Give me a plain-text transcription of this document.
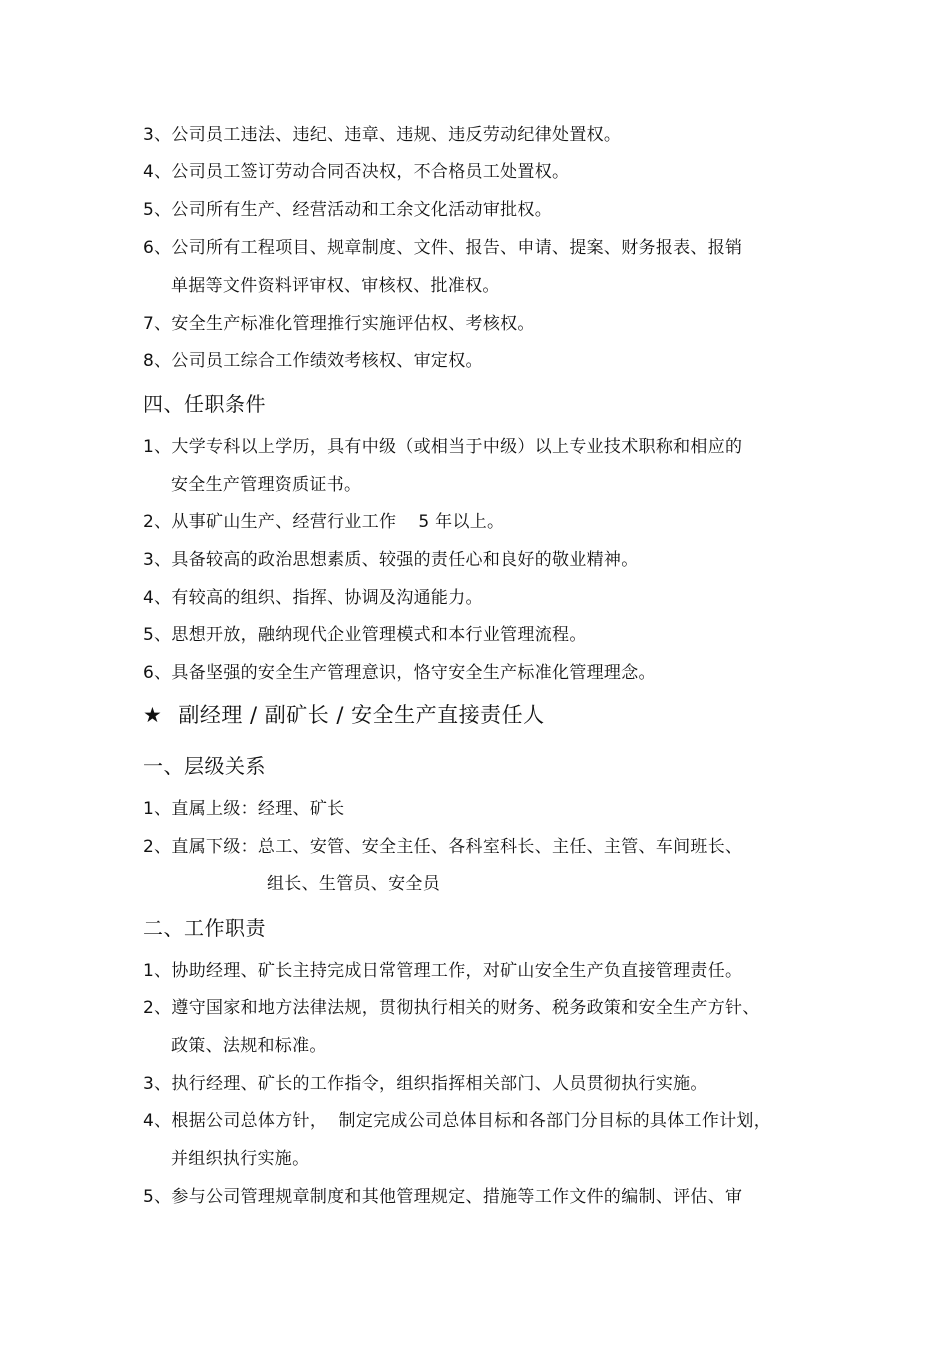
3、公司员工违法、违纪、违章、违规、违反劳动纪律处置权。
4、公司员工签订劳动合同否决权，不合格员工处置权。
5、公司所有生产、经营活动和工余文化活动审批权。
6、公司所有工程项目、规章制度、文件、报告、申请、提案、财务报表、报销
单据等文件资料评审权、审核权、批准权。
7、安全生产标准化管理推行实施评估权、考核权。
8、公司员工综合工作绩效考核权、审定权。
四、任职条件
1、大学专科以上学历，具有中级（或相当于中级）以上专业技术职称和相应的
安全生产管理资质证书。
2、从事矿山生产、经营行业工作 5 年以上。
3、具备较高的政治思想素质、较强的责任心和良好的敬业精神。
4、有较高的组织、指挥、协调及沟通能力。
5、思想开放，融纳现代企业管理模式和本行业管理流程。
6、具备坚强的安全生产管理意识，恪守安全生产标准化管理理念。
★ 副经理 / 副矿长 / 安全生产直接责任人
一、层级关系
1、直属上级：经理、矿长
2、直属下级：总工、安管、安全主任、各科室科长、主任、主管、车间班长、
组长、生管员、安全员
二、工作职责
1、协助经理、矿长主持完成日常管理工作，对矿山安全生产负直接管理责任。
2、遵守国家和地方法律法规，贯彻执行相关的财务、税务政策和安全生产方针、
政策、法规和标准。
3、执行经理、矿长的工作指令，组织指挥相关部门、人员贯彻执行实施。
4、根据公司总体方针，  制定完成公司总体目标和各部门分目标的具体工作计划，
并组织执行实施。
5、参与公司管理规章制度和其他管理规定、措施等工作文件的编制、评估、审
